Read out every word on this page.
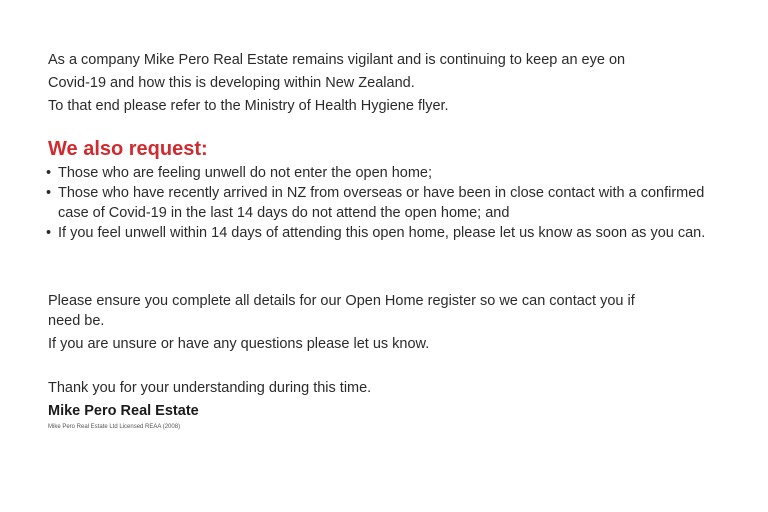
As a company Mike Pero Real Estate remains vigilant and is continuing to keep an eye on

Covid-19 and how this is developing within New Zealand.

To that end please refer to the Ministry of Health Hygiene flyer.

We also request:
• Those who are feeling unwell do not enter the open home;
• Those who have recently arrived in NZ from overseas or have been in close contact with a confirmed case of Covid-19 in the last 14 days do not attend the open home; and
• If you feel unwell within 14 days of attending this open home, please let us know as soon as you can.

Please ensure you complete all details for our Open Home register so we can contact you if

need be.

If you are unsure or have any questions please let us know.

Thank you for your understanding during this time.

Mike Pero Real Estate
Mike Pero Real Estate Ltd Licensed REAA (2008)
